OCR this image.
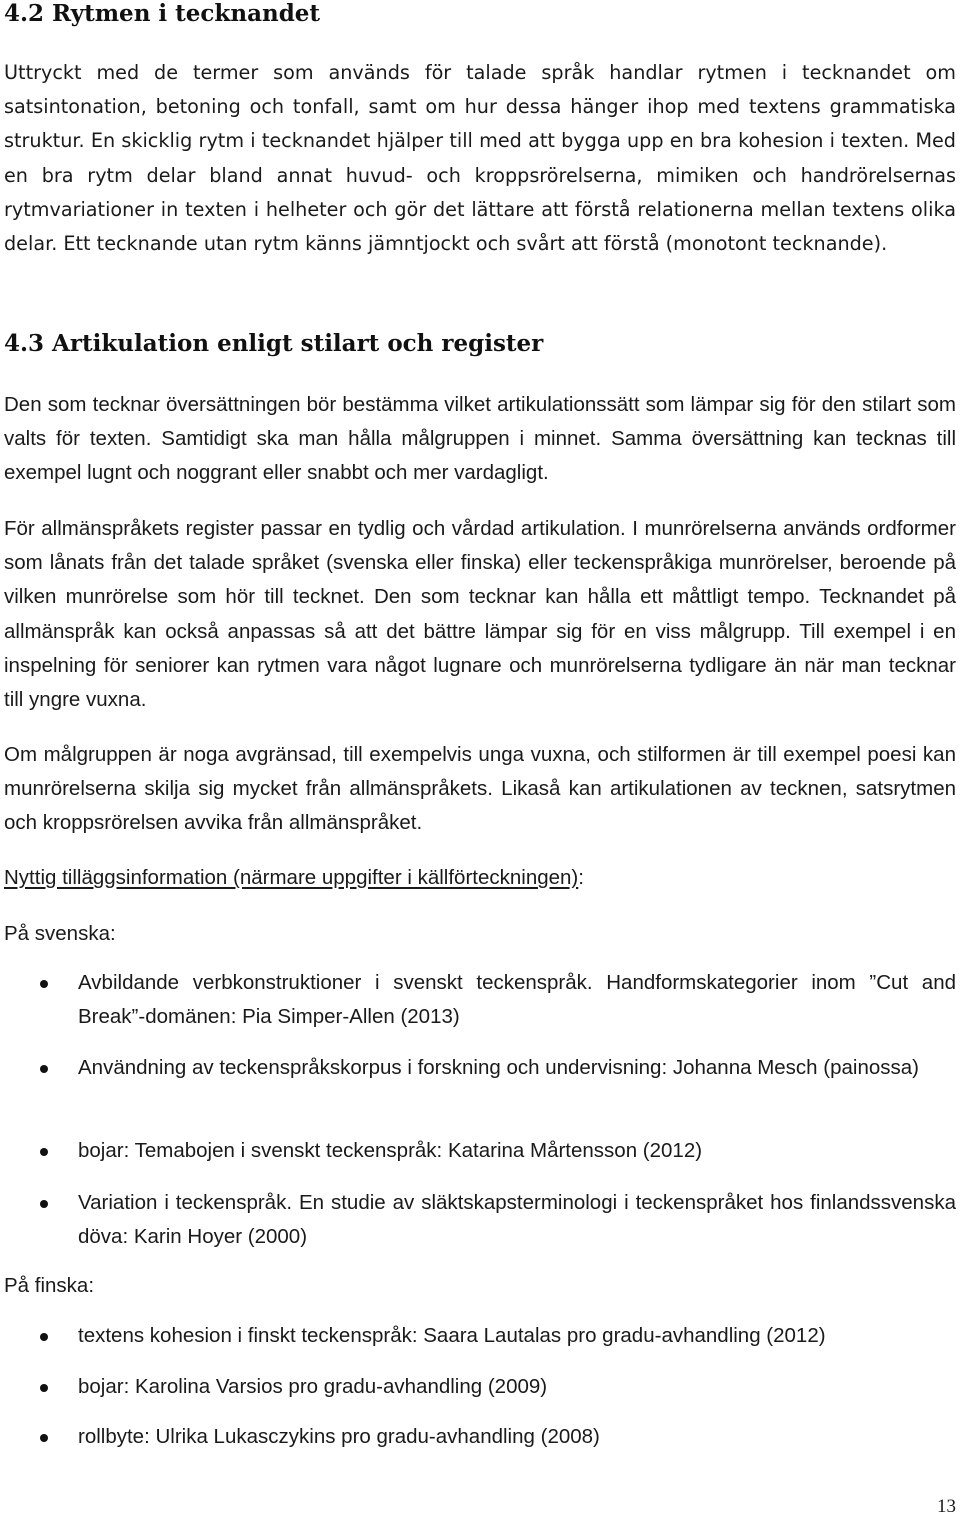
4.2 Rytmen i tecknandet

Uttryckt med de termer som används för talade språk handlar rytmen i tecknandet om satsintonation, betoning och tonfall, samt om hur dessa hänger ihop med textens grammatiska struktur. En skicklig rytm i tecknandet hjälper till med att bygga upp en bra kohesion i texten. Med en bra rytm delar bland annat huvud- och kroppsrörelserna, mimiken och handrörelsernas rytmvariationer in texten i helheter och gör det lättare att förstå relationerna mellan textens olika delar. Ett tecknande utan rytm känns jämntjockt och svårt att förstå (monotont tecknande).

4.3 Artikulation enligt stilart och register

Den som tecknar översättningen bör bestämma vilket artikulationssätt som lämpar sig för den stilart som valts för texten. Samtidigt ska man hålla målgruppen i minnet. Samma översättning kan tecknas till exempel lugnt och noggrant eller snabbt och mer vardagligt.

För allmänspråkets register passar en tydlig och vårdad artikulation. I munrörelserna används ordformer som lånats från det talade språket (svenska eller finska) eller teckenspråkiga munrörelser, beroende på vilken munrörelse som hör till tecknet. Den som tecknar kan hålla ett måttligt tempo. Tecknandet på allmänspråk kan också anpassas så att det bättre lämpar sig för en viss målgrupp. Till exempel i en inspelning för seniorer kan rytmen vara något lugnare och munrörelserna tydligare än när man tecknar till yngre vuxna.

Om målgruppen är noga avgränsad, till exempelvis unga vuxna, och stilformen är till exempel poesi kan munrörelserna skilja sig mycket från allmänspråkets. Likaså kan artikulationen av tecknen, satsrytmen och kroppsrörelsen avvika från allmänspråket.

Nyttig tilläggsinformation (närmare uppgifter i källförteckningen):
På svenska:

Avbildande verbkonstruktioner i svenskt teckenspråk. Handformskategorier inom ”Cut and Break”-domänen: Pia Simper-Allen (2013)

Användning av teckenspråkskorpus i forskning och undervisning: Johanna Mesch (painossa)

bojar: Temabojen i svenskt teckenspråk: Katarina Mårtensson (2012)

Variation i teckenspråk. En studie av släktskapsterminologi i teckenspråket hos finlandssvenska döva: Karin Hoyer (2000)

På finska:

textens kohesion i finskt teckenspråk: Saara Lautalas pro gradu-avhandling (2012)

bojar: Karolina Varsios pro gradu-avhandling (2009)

rollbyte: Ulrika Lukasczykins pro gradu-avhandling (2008)

13
